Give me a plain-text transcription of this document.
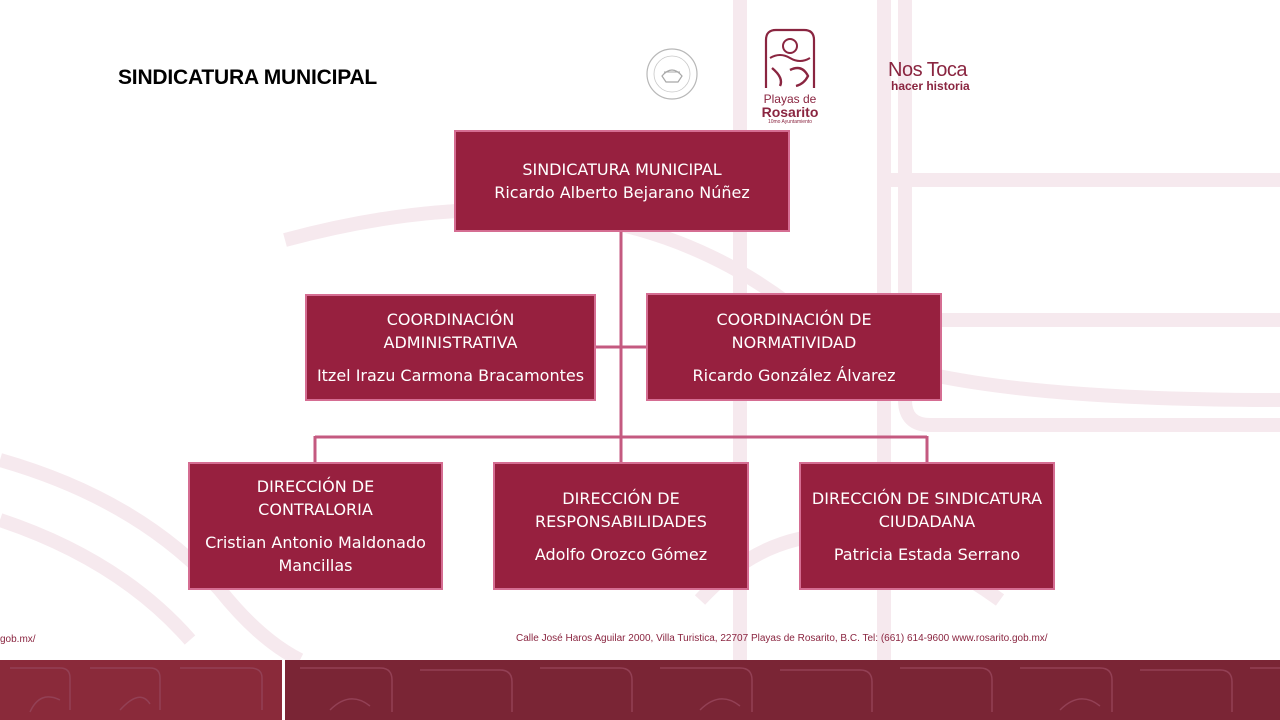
SINDICATURA MUNICIPAL
Playas de
Rosarito
10mo Ayuntamiento
Nos Toca
hacer historia
SINDICATURA MUNICIPAL
Ricardo Alberto Bejarano Núñez
COORDINACIÓN
ADMINISTRATIVA
Itzel Irazu Carmona Bracamontes
COORDINACIÓN DE
NORMATIVIDAD
Ricardo González Álvarez
DIRECCIÓN DE
CONTRALORIA
Cristian Antonio Maldonado
Mancillas
DIRECCIÓN DE
RESPONSABILIDADES
Adolfo Orozco Gómez
DIRECCIÓN DE SINDICATURA
CIUDADANA
Patricia Estada Serrano
gob.mx/	Calle José Haros Aguilar 2000, Villa Turistica, 22707 Playas de Rosarito, B.C. Tel: (661) 614-9600 www.rosarito.gob.mx/
